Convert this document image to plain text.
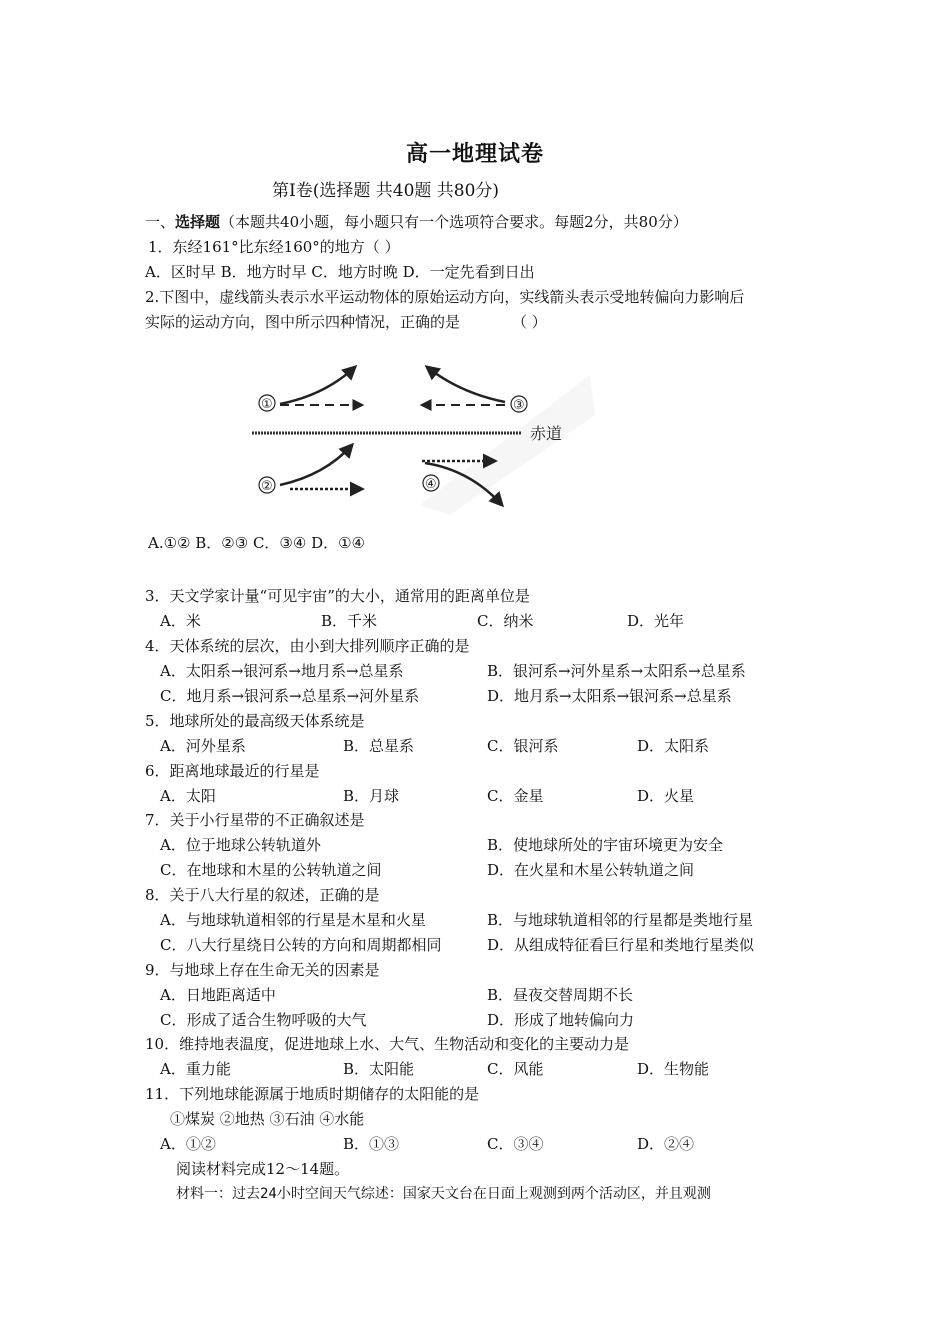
高一地理试卷
第Ⅰ卷(选择题 共40题 共80分)
一、选择题（本题共40小题，每小题只有一个选项符合要求。每题2分，共80分）
1．东经161°比东经160°的地方（ ）
A．区时早 B．地方时早 C．地方时晚 D．一定先看到日出
2.下图中，虚线箭头表示水平运动物体的原始运动方向，实线箭头表示受地转偏向力影响后
实际的运动方向，图中所示四种情况，正确的是	（ ）
赤道
①	③
②	④
A.①② B．②③ C．③④ D．①④
3．天文学家计量“可见宇宙”的大小，通常用的距离单位是
A．米	B．千米	C．纳米	D．光年
4．天体系统的层次，由小到大排列顺序正确的是
A．太阳系→银河系→地月系→总星系	B．银河系→河外星系→太阳系→总星系
C．地月系→银河系→总星系→河外星系	D．地月系→太阳系→银河系→总星系
5．地球所处的最高级天体系统是
A．河外星系	B．总星系	C．银河系	D．太阳系
6．距离地球最近的行星是
A．太阳	B．月球	C．金星	D．火星
7．关于小行星带的不正确叙述是
A．位于地球公转轨道外	B．使地球所处的宇宙环境更为安全
C．在地球和木星的公转轨道之间	D．在火星和木星公转轨道之间
8．关于八大行星的叙述，正确的是
A．与地球轨道相邻的行星是木星和火星	B．与地球轨道相邻的行星都是类地行星
C．八大行星绕日公转的方向和周期都相同	D．从组成特征看巨行星和类地行星类似
9．与地球上存在生命无关的因素是
A．日地距离适中	B．昼夜交替周期不长
C．形成了适合生物呼吸的大气	D．形成了地转偏向力
10．维持地表温度，促进地球上水、大气、生物活动和变化的主要动力是
A．重力能	B．太阳能	C．风能	D．生物能
11．下列地球能源属于地质时期储存的太阳能的是
①煤炭 ②地热 ③石油 ④水能
A．①②	B．①③	C．③④	D．②④
阅读材料完成12～14题。
材料一：过去24小时空间天气综述：国家天文台在日面上观测到两个活动区，并且观测
